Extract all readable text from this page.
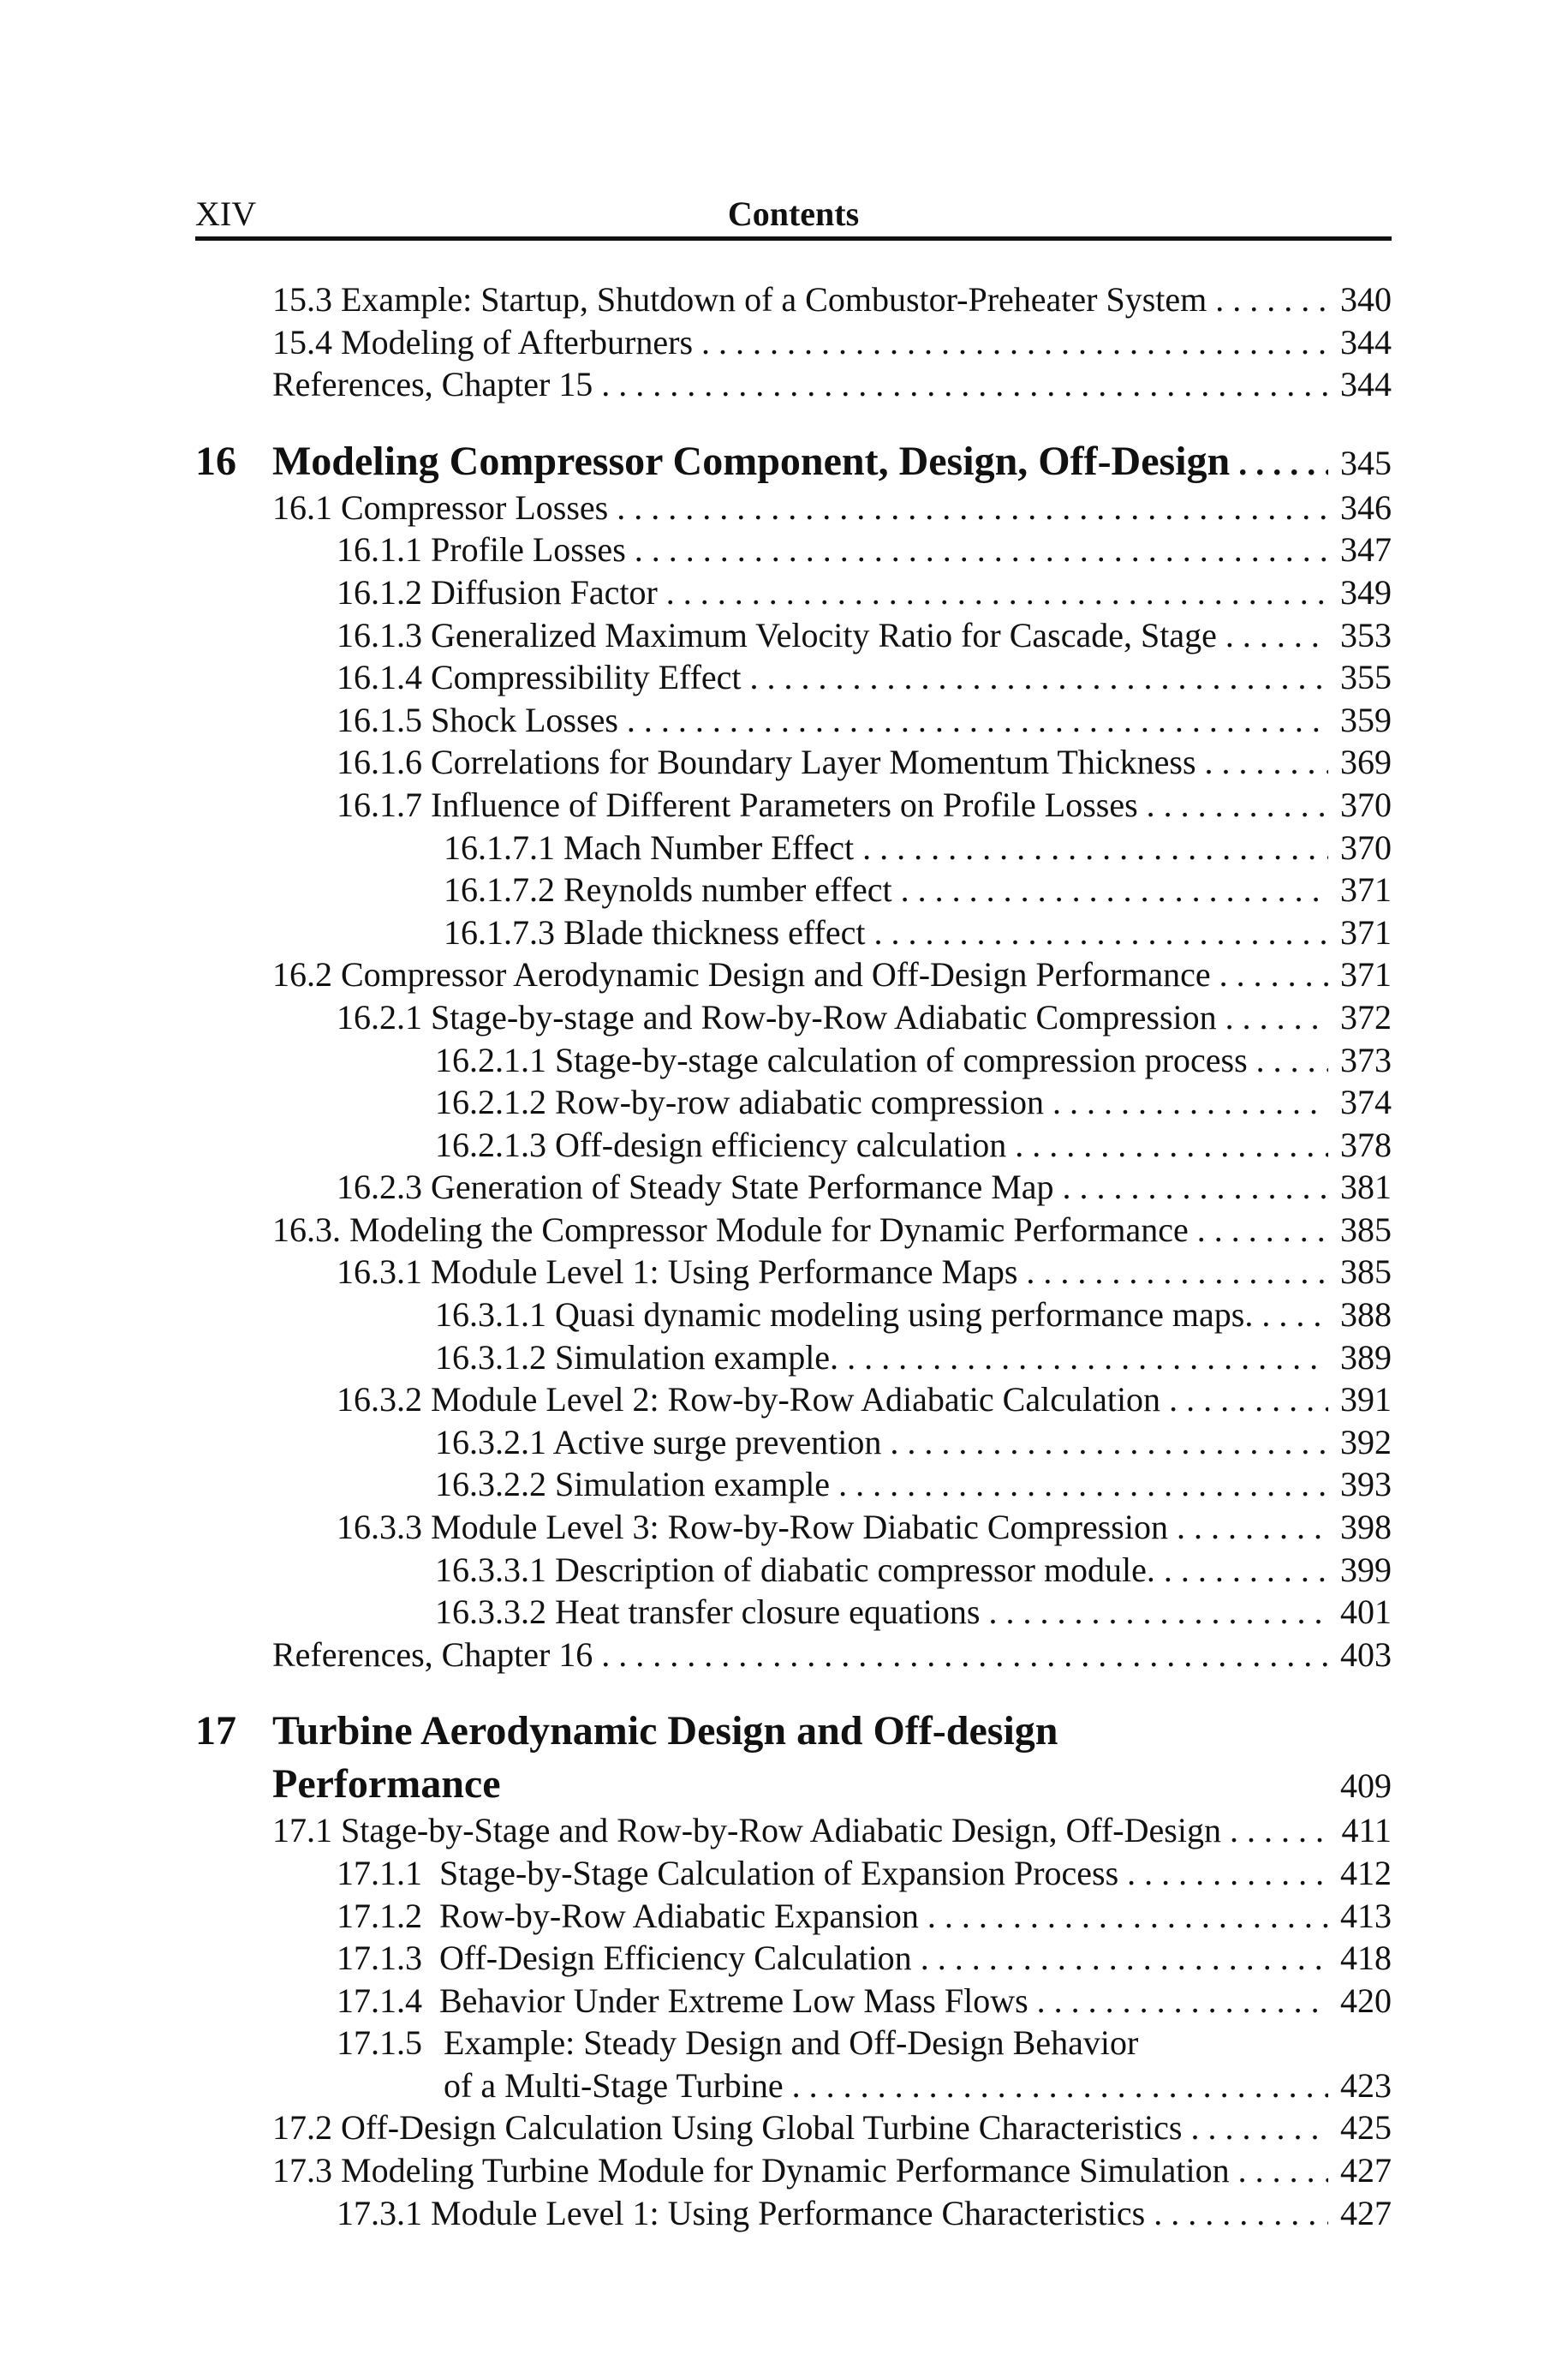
XIV	Contents
15.3 Example: Startup, Shutdown of a Combustor-Preheater System . . .	340
15.4 Modeling of Afterburners . . .	344
References, Chapter 15 . . .	344
16 Modeling Compressor Component, Design, Off-Design . . .	345
16.1 Compressor Losses . . .	346
16.1.1 Profile Losses . . .	347
16.1.2 Diffusion Factor . . .	349
16.1.3 Generalized Maximum Velocity Ratio for Cascade, Stage . . .	353
16.1.4 Compressibility Effect . . .	355
16.1.5 Shock Losses . . .	359
16.1.6 Correlations for Boundary Layer Momentum Thickness . . .	369
16.1.7 Influence of Different Parameters on Profile Losses . . .	370
16.1.7.1 Mach Number Effect . . .	370
16.1.7.2 Reynolds number effect . . .	371
16.1.7.3 Blade thickness effect . . .	371
16.2 Compressor Aerodynamic Design and Off-Design Performance . . .	371
16.2.1 Stage-by-stage and Row-by-Row Adiabatic Compression . . .	372
16.2.1.1 Stage-by-stage calculation of compression process . . .	373
16.2.1.2 Row-by-row adiabatic compression . . .	374
16.2.1.3 Off-design efficiency calculation . . .	378
16.2.3 Generation of Steady State Performance Map . . .	381
16.3. Modeling the Compressor Module for Dynamic Performance . . .	385
16.3.1 Module Level 1: Using Performance Maps . . .	385
16.3.1.1 Quasi dynamic modeling using performance maps. . . .	388
16.3.1.2 Simulation example. . . .	389
16.3.2 Module Level 2: Row-by-Row Adiabatic Calculation . . .	391
16.3.2.1 Active surge prevention . . .	392
16.3.2.2 Simulation example . . .	393
16.3.3 Module Level 3: Row-by-Row Diabatic Compression . . .	398
16.3.3.1 Description of diabatic compressor module. . . .	399
16.3.3.2 Heat transfer closure equations . . .	401
References, Chapter 16 . . .	403
17 Turbine Aerodynamic Design and Off-design
Performance	409
17.1 Stage-by-Stage and Row-by-Row Adiabatic Design, Off-Design . . .	411
17.1.1  Stage-by-Stage Calculation of Expansion Process . . .	412
17.1.2  Row-by-Row Adiabatic Expansion . . .	413
17.1.3  Off-Design Efficiency Calculation . . .	418
17.1.4  Behavior Under Extreme Low Mass Flows . . .	420
17.1.5 Example: Steady Design and Off-Design Behavior
of a Multi-Stage Turbine . . .	423
17.2 Off-Design Calculation Using Global Turbine Characteristics . . .	425
17.3 Modeling Turbine Module for Dynamic Performance Simulation . . .	427
17.3.1 Module Level 1: Using Performance Characteristics . . .	427
